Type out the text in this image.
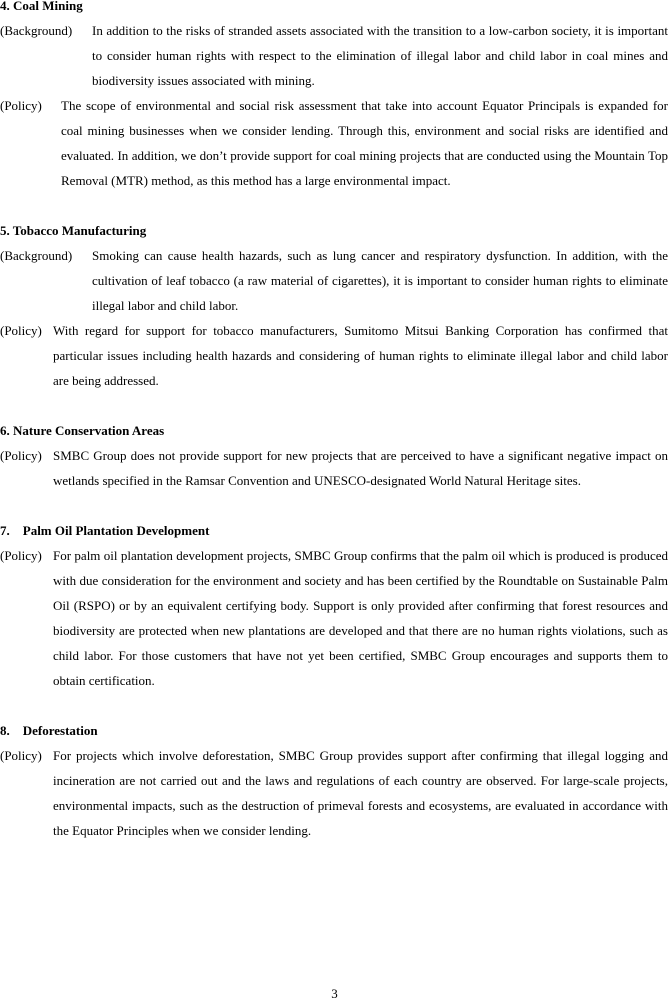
4. Coal Mining
(Background) In addition to the risks of stranded assets associated with the transition to a low-carbon society, it is important to consider human rights with respect to the elimination of illegal labor and child labor in coal mines and biodiversity issues associated with mining.
(Policy) The scope of environmental and social risk assessment that take into account Equator Principals is expanded for coal mining businesses when we consider lending. Through this, environment and social risks are identified and evaluated. In addition, we don’t provide support for coal mining projects that are conducted using the Mountain Top Removal (MTR) method, as this method has a large environmental impact.
5. Tobacco Manufacturing
(Background) Smoking can cause health hazards, such as lung cancer and respiratory dysfunction. In addition, with the cultivation of leaf tobacco (a raw material of cigarettes), it is important to consider human rights to eliminate illegal labor and child labor.
(Policy) With regard for support for tobacco manufacturers, Sumitomo Mitsui Banking Corporation has confirmed that particular issues including health hazards and considering of human rights to eliminate illegal labor and child labor are being addressed.
6. Nature Conservation Areas
(Policy) SMBC Group does not provide support for new projects that are perceived to have a significant negative impact on wetlands specified in the Ramsar Convention and UNESCO-designated World Natural Heritage sites.
7.    Palm Oil Plantation Development
(Policy) For palm oil plantation development projects, SMBC Group confirms that the palm oil which is produced is produced with due consideration for the environment and society and has been certified by the Roundtable on Sustainable Palm Oil (RSPO) or by an equivalent certifying body. Support is only provided after confirming that forest resources and biodiversity are protected when new plantations are developed and that there are no human rights violations, such as child labor. For those customers that have not yet been certified, SMBC Group encourages and supports them to obtain certification.
8.    Deforestation
(Policy) For projects which involve deforestation, SMBC Group provides support after confirming that illegal logging and incineration are not carried out and the laws and regulations of each country are observed. For large-scale projects, environmental impacts, such as the destruction of primeval forests and ecosystems, are evaluated in accordance with the Equator Principles when we consider lending.
3
